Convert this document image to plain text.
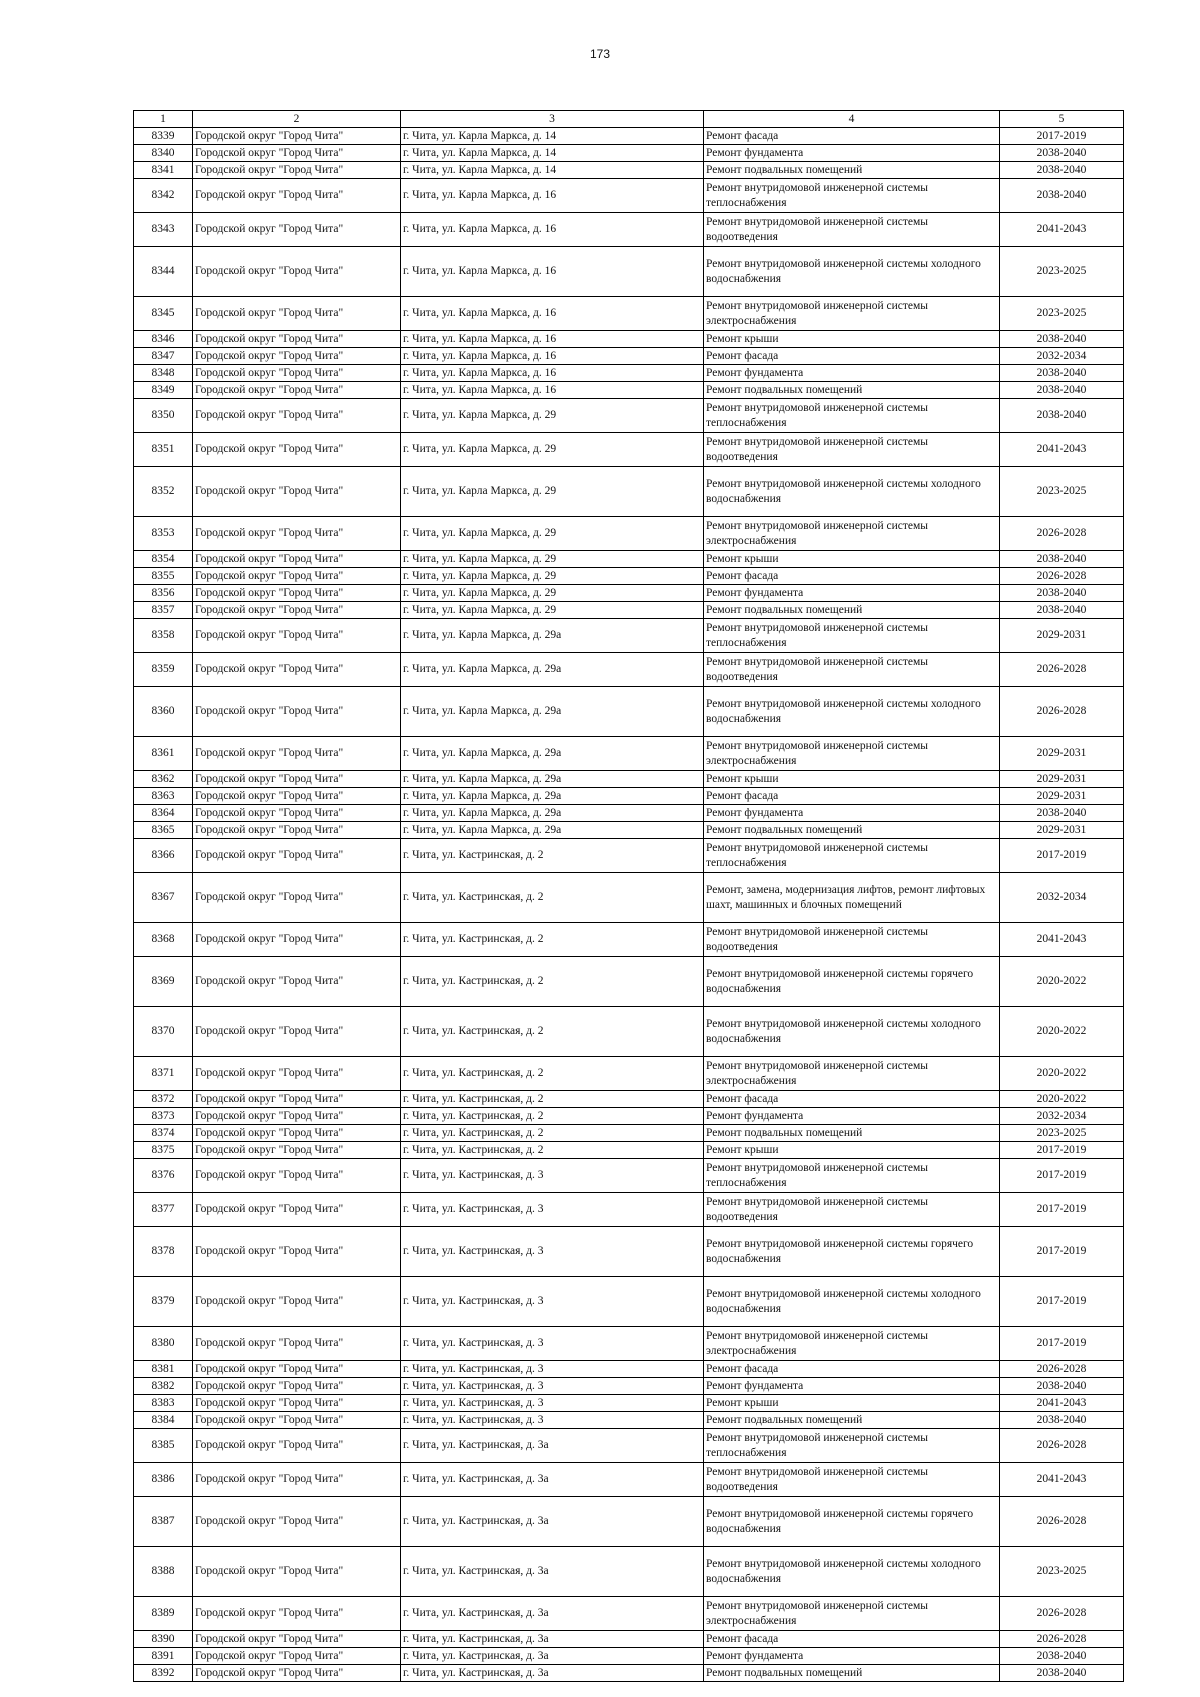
173
1	2	3	4	5
8339	Городской округ "Город Чита"	г. Чита, ул. Карла Маркса, д. 14	Ремонт фасада	2017-2019
8340	Городской округ "Город Чита"	г. Чита, ул. Карла Маркса, д. 14	Ремонт фундамента	2038-2040
8341	Городской округ "Город Чита"	г. Чита, ул. Карла Маркса, д. 14	Ремонт подвальных помещений	2038-2040
8342	Городской округ "Город Чита"	г. Чита, ул. Карла Маркса, д. 16	Ремонт внутридомовой инженерной системы теплоснабжения	2038-2040
8343	Городской округ "Город Чита"	г. Чита, ул. Карла Маркса, д. 16	Ремонт внутридомовой инженерной системы водоотведения	2041-2043
8344	Городской округ "Город Чита"	г. Чита, ул. Карла Маркса, д. 16	Ремонт внутридомовой инженерной системы холодного водоснабжения	2023-2025
8345	Городской округ "Город Чита"	г. Чита, ул. Карла Маркса, д. 16	Ремонт внутридомовой инженерной системы электроснабжения	2023-2025
8346	Городской округ "Город Чита"	г. Чита, ул. Карла Маркса, д. 16	Ремонт крыши	2038-2040
8347	Городской округ "Город Чита"	г. Чита, ул. Карла Маркса, д. 16	Ремонт фасада	2032-2034
8348	Городской округ "Город Чита"	г. Чита, ул. Карла Маркса, д. 16	Ремонт фундамента	2038-2040
8349	Городской округ "Город Чита"	г. Чита, ул. Карла Маркса, д. 16	Ремонт подвальных помещений	2038-2040
8350	Городской округ "Город Чита"	г. Чита, ул. Карла Маркса, д. 29	Ремонт внутридомовой инженерной системы теплоснабжения	2038-2040
8351	Городской округ "Город Чита"	г. Чита, ул. Карла Маркса, д. 29	Ремонт внутридомовой инженерной системы водоотведения	2041-2043
8352	Городской округ "Город Чита"	г. Чита, ул. Карла Маркса, д. 29	Ремонт внутридомовой инженерной системы холодного водоснабжения	2023-2025
8353	Городской округ "Город Чита"	г. Чита, ул. Карла Маркса, д. 29	Ремонт внутридомовой инженерной системы электроснабжения	2026-2028
8354	Городской округ "Город Чита"	г. Чита, ул. Карла Маркса, д. 29	Ремонт крыши	2038-2040
8355	Городской округ "Город Чита"	г. Чита, ул. Карла Маркса, д. 29	Ремонт фасада	2026-2028
8356	Городской округ "Город Чита"	г. Чита, ул. Карла Маркса, д. 29	Ремонт фундамента	2038-2040
8357	Городской округ "Город Чита"	г. Чита, ул. Карла Маркса, д. 29	Ремонт подвальных помещений	2038-2040
8358	Городской округ "Город Чита"	г. Чита, ул. Карла Маркса, д. 29а	Ремонт внутридомовой инженерной системы теплоснабжения	2029-2031
8359	Городской округ "Город Чита"	г. Чита, ул. Карла Маркса, д. 29а	Ремонт внутридомовой инженерной системы водоотведения	2026-2028
8360	Городской округ "Город Чита"	г. Чита, ул. Карла Маркса, д. 29а	Ремонт внутридомовой инженерной системы холодного водоснабжения	2026-2028
8361	Городской округ "Город Чита"	г. Чита, ул. Карла Маркса, д. 29а	Ремонт внутридомовой инженерной системы электроснабжения	2029-2031
8362	Городской округ "Город Чита"	г. Чита, ул. Карла Маркса, д. 29а	Ремонт крыши	2029-2031
8363	Городской округ "Город Чита"	г. Чита, ул. Карла Маркса, д. 29а	Ремонт фасада	2029-2031
8364	Городской округ "Город Чита"	г. Чита, ул. Карла Маркса, д. 29а	Ремонт фундамента	2038-2040
8365	Городской округ "Город Чита"	г. Чита, ул. Карла Маркса, д. 29а	Ремонт подвальных помещений	2029-2031
8366	Городской округ "Город Чита"	г. Чита, ул. Кастринская, д. 2	Ремонт внутридомовой инженерной системы теплоснабжения	2017-2019
8367	Городской округ "Город Чита"	г. Чита, ул. Кастринская, д. 2	Ремонт, замена, модернизация лифтов, ремонт лифтовых шахт, машинных и блочных помещений	2032-2034
8368	Городской округ "Город Чита"	г. Чита, ул. Кастринская, д. 2	Ремонт внутридомовой инженерной системы водоотведения	2041-2043
8369	Городской округ "Город Чита"	г. Чита, ул. Кастринская, д. 2	Ремонт внутридомовой инженерной системы горячего водоснабжения	2020-2022
8370	Городской округ "Город Чита"	г. Чита, ул. Кастринская, д. 2	Ремонт внутридомовой инженерной системы холодного водоснабжения	2020-2022
8371	Городской округ "Город Чита"	г. Чита, ул. Кастринская, д. 2	Ремонт внутридомовой инженерной системы электроснабжения	2020-2022
8372	Городской округ "Город Чита"	г. Чита, ул. Кастринская, д. 2	Ремонт фасада	2020-2022
8373	Городской округ "Город Чита"	г. Чита, ул. Кастринская, д. 2	Ремонт фундамента	2032-2034
8374	Городской округ "Город Чита"	г. Чита, ул. Кастринская, д. 2	Ремонт подвальных помещений	2023-2025
8375	Городской округ "Город Чита"	г. Чита, ул. Кастринская, д. 2	Ремонт крыши	2017-2019
8376	Городской округ "Город Чита"	г. Чита, ул. Кастринская, д. 3	Ремонт внутридомовой инженерной системы теплоснабжения	2017-2019
8377	Городской округ "Город Чита"	г. Чита, ул. Кастринская, д. 3	Ремонт внутридомовой инженерной системы водоотведения	2017-2019
8378	Городской округ "Город Чита"	г. Чита, ул. Кастринская, д. 3	Ремонт внутридомовой инженерной системы горячего водоснабжения	2017-2019
8379	Городской округ "Город Чита"	г. Чита, ул. Кастринская, д. 3	Ремонт внутридомовой инженерной системы холодного водоснабжения	2017-2019
8380	Городской округ "Город Чита"	г. Чита, ул. Кастринская, д. 3	Ремонт внутридомовой инженерной системы электроснабжения	2017-2019
8381	Городской округ "Город Чита"	г. Чита, ул. Кастринская, д. 3	Ремонт фасада	2026-2028
8382	Городской округ "Город Чита"	г. Чита, ул. Кастринская, д. 3	Ремонт фундамента	2038-2040
8383	Городской округ "Город Чита"	г. Чита, ул. Кастринская, д. 3	Ремонт крыши	2041-2043
8384	Городской округ "Город Чита"	г. Чита, ул. Кастринская, д. 3	Ремонт подвальных помещений	2038-2040
8385	Городской округ "Город Чита"	г. Чита, ул. Кастринская, д. 3а	Ремонт внутридомовой инженерной системы теплоснабжения	2026-2028
8386	Городской округ "Город Чита"	г. Чита, ул. Кастринская, д. 3а	Ремонт внутридомовой инженерной системы водоотведения	2041-2043
8387	Городской округ "Город Чита"	г. Чита, ул. Кастринская, д. 3а	Ремонт внутридомовой инженерной системы горячего водоснабжения	2026-2028
8388	Городской округ "Город Чита"	г. Чита, ул. Кастринская, д. 3а	Ремонт внутридомовой инженерной системы холодного водоснабжения	2023-2025
8389	Городской округ "Город Чита"	г. Чита, ул. Кастринская, д. 3а	Ремонт внутридомовой инженерной системы электроснабжения	2026-2028
8390	Городской округ "Город Чита"	г. Чита, ул. Кастринская, д. 3а	Ремонт фасада	2026-2028
8391	Городской округ "Город Чита"	г. Чита, ул. Кастринская, д. 3а	Ремонт фундамента	2038-2040
8392	Городской округ "Город Чита"	г. Чита, ул. Кастринская, д. 3а	Ремонт подвальных помещений	2038-2040
